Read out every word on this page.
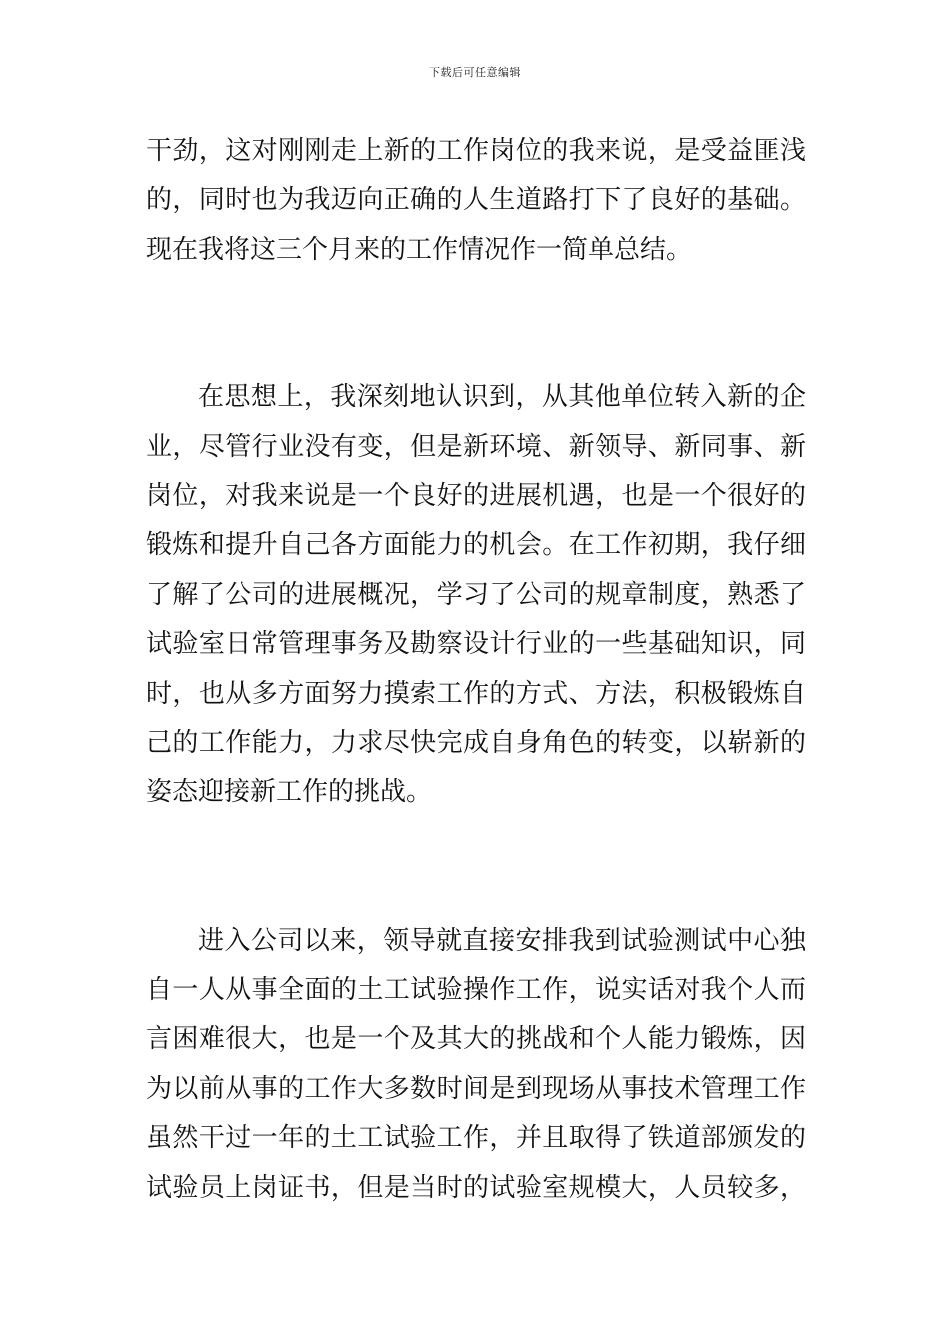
下载后可任意编辑
干劲，这对刚刚走上新的工作岗位的我来说，是受益匪浅
的，同时也为我迈向正确的人生道路打下了良好的基础。
现在我将这三个月来的工作情况作一简单总结。
在思想上，我深刻地认识到，从其他单位转入新的企
业，尽管行业没有变，但是新环境、新领导、新同事、新
岗位，对我来说是一个良好的进展机遇，也是一个很好的
锻炼和提升自己各方面能力的机会。在工作初期，我仔细
了解了公司的进展概况，学习了公司的规章制度，熟悉了
试验室日常管理事务及勘察设计行业的一些基础知识，同
时，也从多方面努力摸索工作的方式、方法，积极锻炼自
己的工作能力，力求尽快完成自身角色的转变，以崭新的
姿态迎接新工作的挑战。
进入公司以来，领导就直接安排我到试验测试中心独
自一人从事全面的土工试验操作工作，说实话对我个人而
言困难很大，也是一个及其大的挑战和个人能力锻炼，因
为以前从事的工作大多数时间是到现场从事技术管理工作
虽然干过一年的土工试验工作，并且取得了铁道部颁发的
试验员上岗证书，但是当时的试验室规模大，人员较多，
